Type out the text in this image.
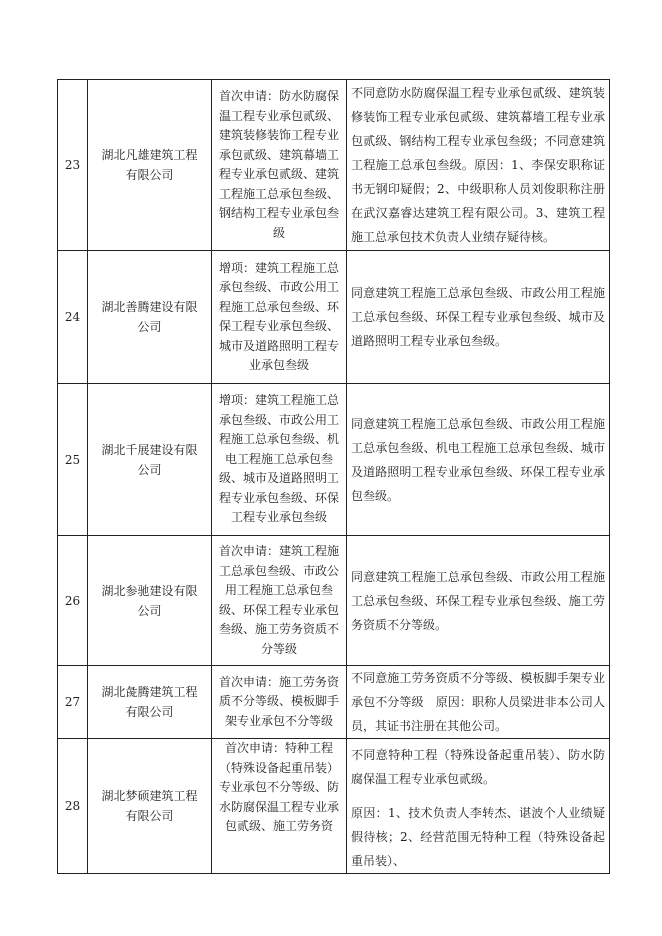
23	湖北凡雄建筑工程有限公司	首次申请：防水防腐保温工程专业承包贰级、建筑装修装饰工程专业承包贰级、建筑幕墙工程专业承包贰级、建筑工程施工总承包叁级、钢结构工程专业承包叁级	不同意防水防腐保温工程专业承包贰级、建筑装修装饰工程专业承包贰级、建筑幕墙工程专业承包贰级、钢结构工程专业承包叁级；不同意建筑工程施工总承包叁级。原因：1、李保安职称证书无钢印疑假；2、中级职称人员刘俊职称注册在武汉嘉睿达建筑工程有限公司。3、建筑工程施工总承包技术负责人业绩存疑待核。
24	湖北善腾建设有限公司	增项：建筑工程施工总承包叁级、市政公用工程施工总承包叁级、环保工程专业承包叁级、城市及道路照明工程专业承包叁级	同意建筑工程施工总承包叁级、市政公用工程施工总承包叁级、环保工程专业承包叁级、城市及道路照明工程专业承包叁级。
25	湖北千展建设有限公司	增项：建筑工程施工总承包叁级、市政公用工程施工总承包叁级、机电工程施工总承包叁级、城市及道路照明工程专业承包叁级、环保工程专业承包叁级	同意建筑工程施工总承包叁级、市政公用工程施工总承包叁级、机电工程施工总承包叁级、城市及道路照明工程专业承包叁级、环保工程专业承包叁级。
26	湖北参驰建设有限公司	首次申请：建筑工程施工总承包叁级、市政公用工程施工总承包叁级、环保工程专业承包叁级、施工劳务资质不分等级	同意建筑工程施工总承包叁级、市政公用工程施工总承包叁级、环保工程专业承包叁级、施工劳务资质不分等级。
27	湖北彘腾建筑工程有限公司	首次申请：施工劳务资质不分等级、模板脚手架专业承包不分等级	不同意施工劳务资质不分等级、模板脚手架专业承包不分等级　原因：职称人员梁进非本公司人员，其证书注册在其他公司。
28	湖北梦硕建筑工程有限公司	首次申请：特种工程（特殊设备起重吊装）专业承包不分等级、防水防腐保温工程专业承包贰级、施工劳务资	不同意特种工程（特殊设备起重吊装）、防水防腐保温工程专业承包贰级。

原因：1、技术负责人李转杰、谌波个人业绩疑假待核；2、经营范围无特种工程（特殊设备起重吊装）、
